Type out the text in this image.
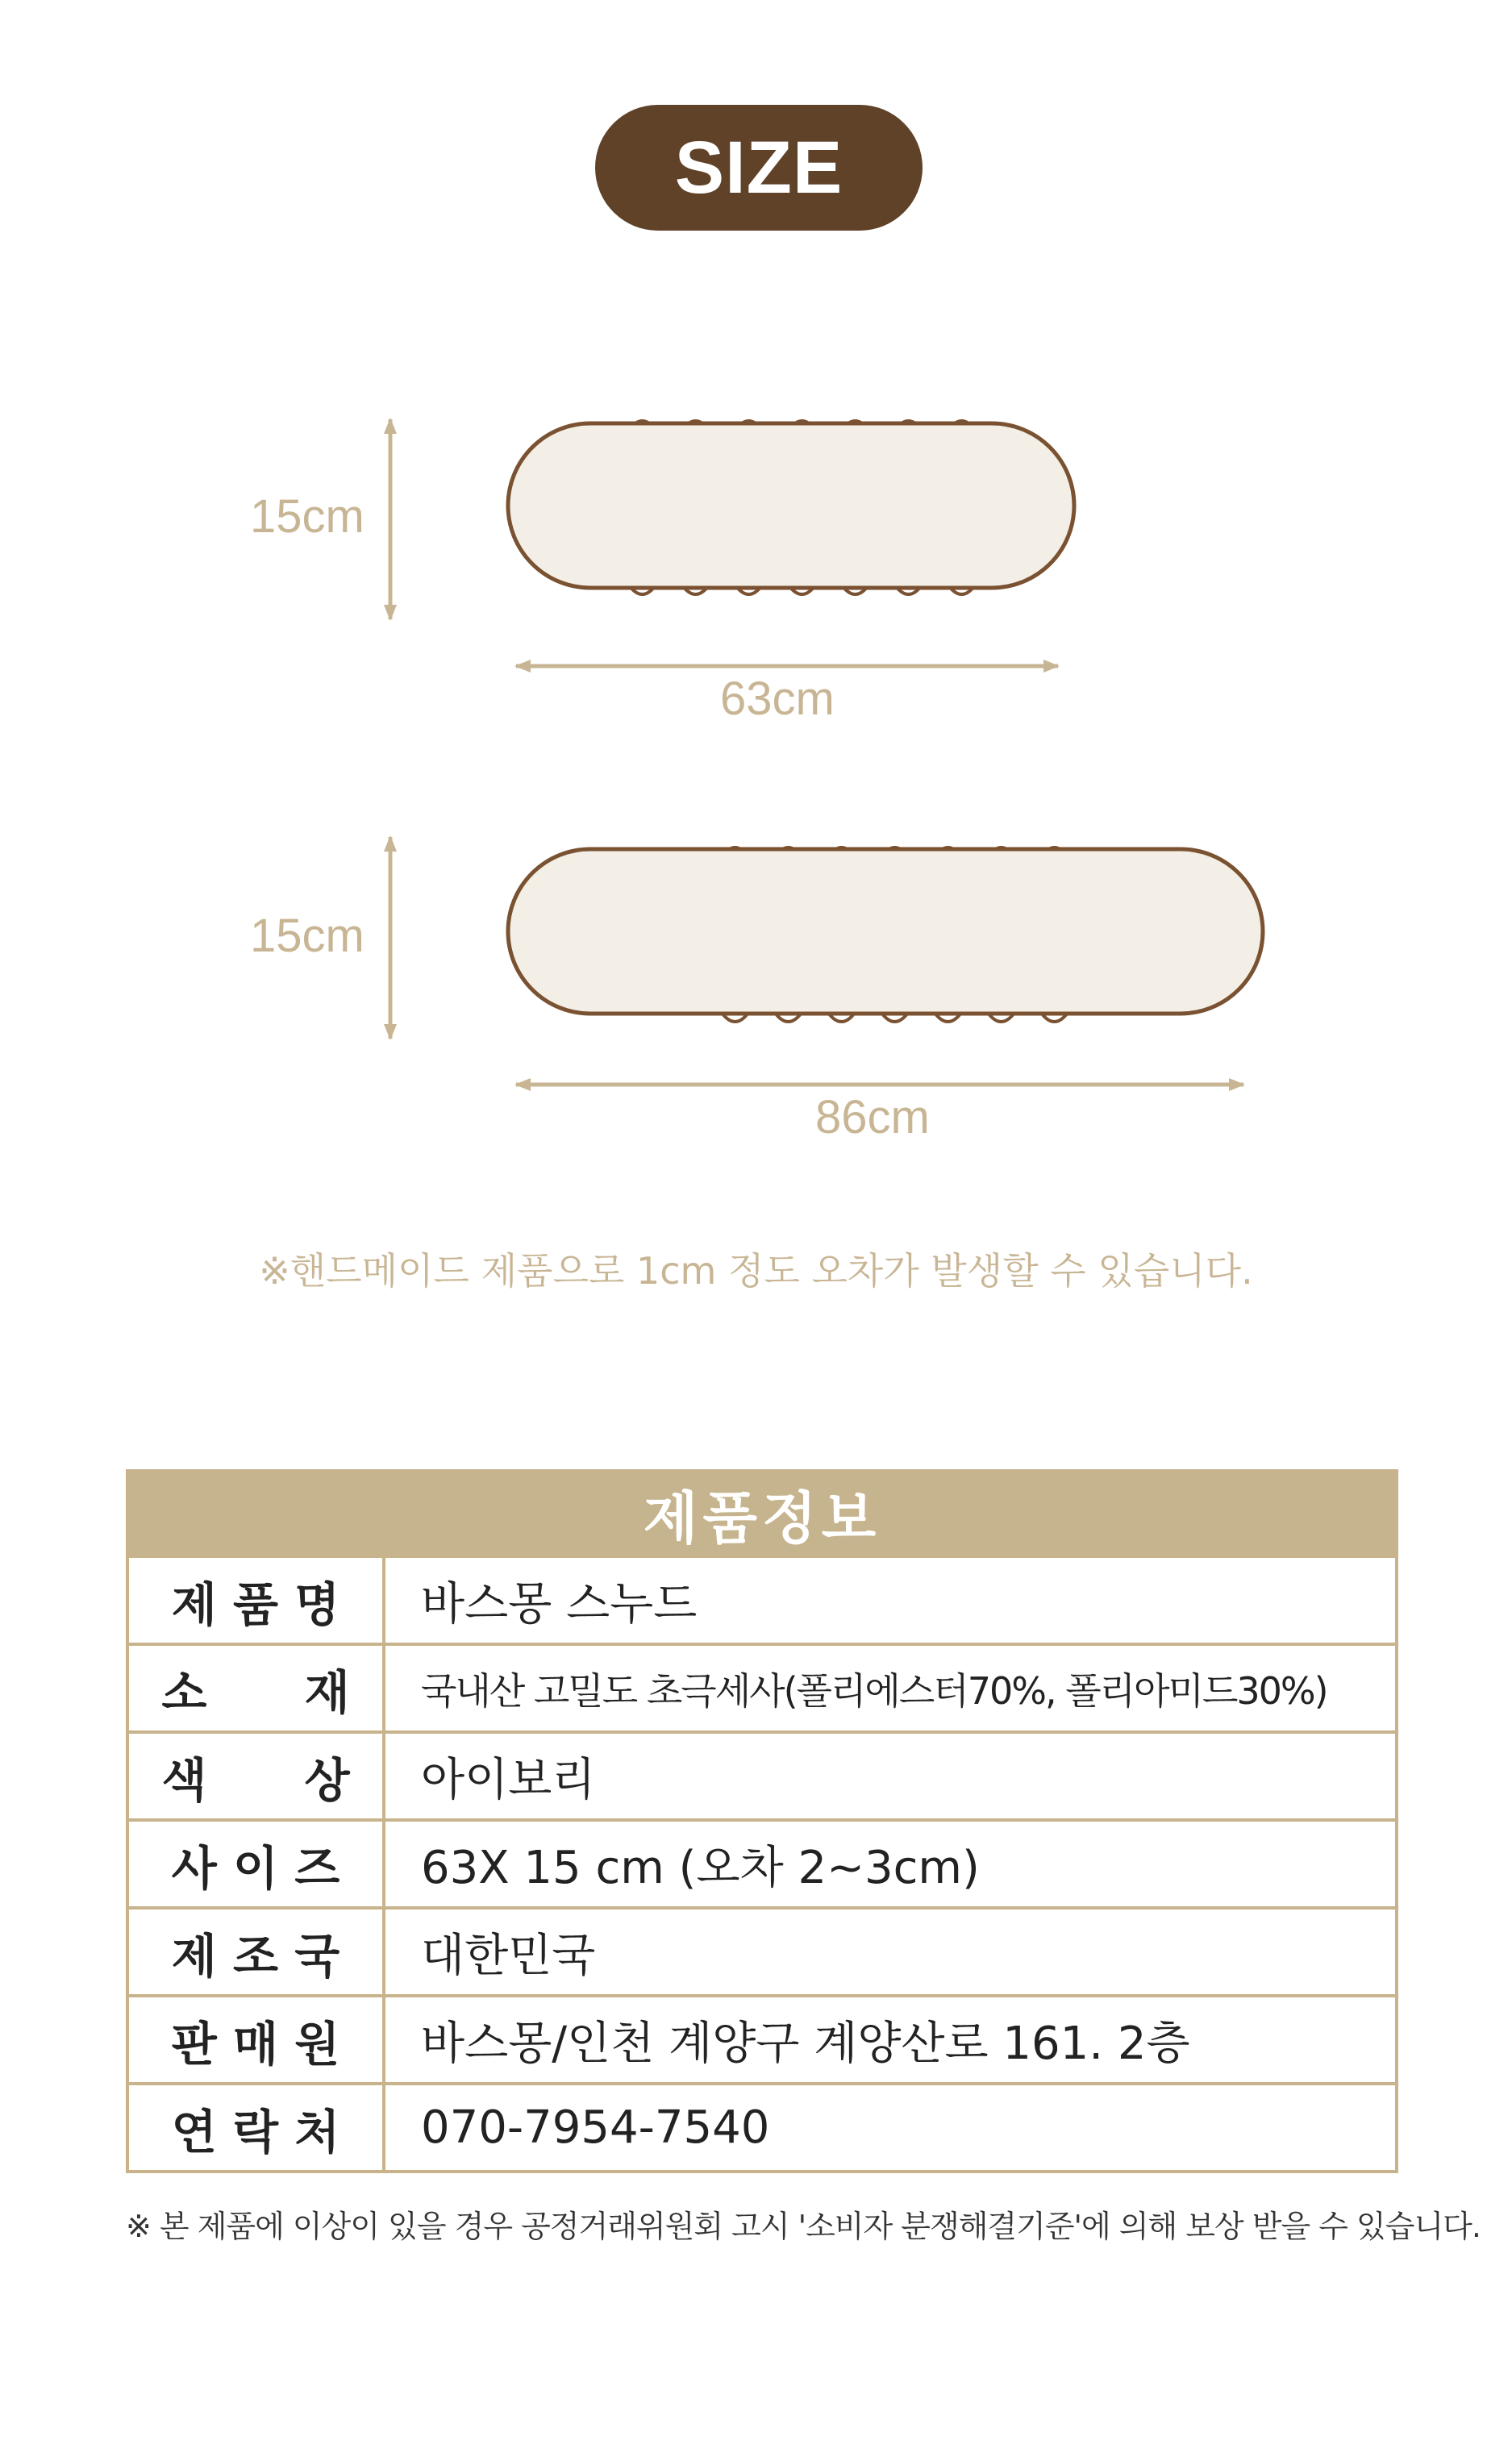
SIZE
15cm
63cm
15cm
86cm
※핸드메이드 제품으로 1cm 정도 오차가 발생할 수 있습니다.
제품정보
제 품 명	바스몽 스누드
소      재	국내산 고밀도 초극세사(폴리에스터70%, 폴리아미드30%)
색      상	아이보리
사 이 즈	63X 15 cm (오차 2~3cm)
제 조 국	대한민국
판 매 원	바스몽/인천 계양구 계양산로 161. 2층
연 락 처	070-7954-7540
※ 본 제품에 이상이 있을 경우 공정거래위원회 고시 '소비자 분쟁해결기준'에 의해 보상 받을 수 있습니다.
